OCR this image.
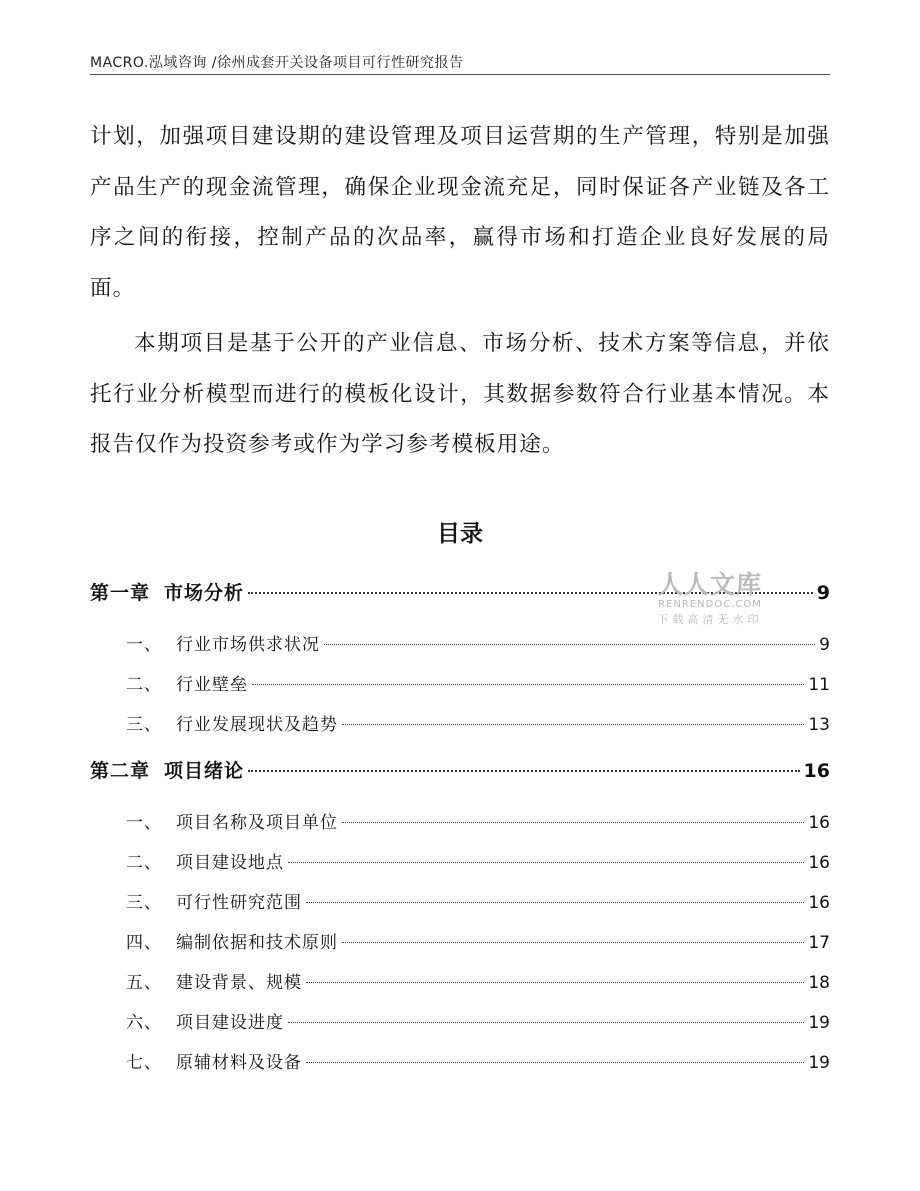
MACRO.泓域咨询 /徐州成套开关设备项目可行性研究报告

计划，加强项目建设期的建设管理及项目运营期的生产管理，特别是加强产品生产的现金流管理，确保企业现金流充足，同时保证各产业链及各工序之间的衔接，控制产品的次品率，赢得市场和打造企业良好发展的局面。

本期项目是基于公开的产业信息、市场分析、技术方案等信息，并依托行业分析模型而进行的模板化设计，其数据参数符合行业基本情况。本报告仅作为投资参考或作为学习参考模板用途。

目录
第一章 市场分析	9
一、 行业市场供求状况	9
二、 行业壁垒	11
三、 行业发展现状及趋势	13
第二章 项目绪论	16
一、 项目名称及项目单位	16
二、 项目建设地点	16
三、 可行性研究范围	16
四、 编制依据和技术原则	17
五、 建设背景、规模	18
六、 项目建设进度	19
七、 原辅材料及设备	19
人人文库
RENRENDOC.COM
下载高清无水印
